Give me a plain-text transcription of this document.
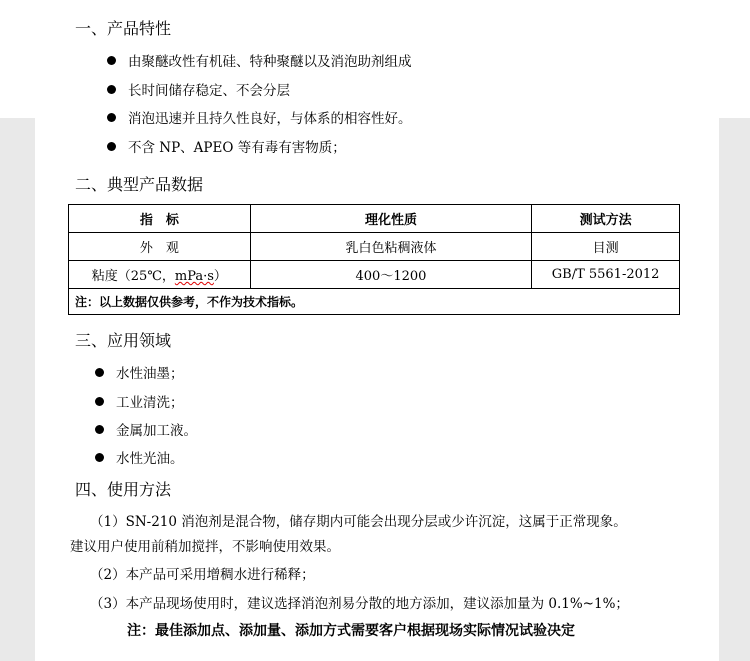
一、产品特性
由聚醚改性有机硅、特种聚醚以及消泡助剂组成
长时间储存稳定、不会分层
消泡迅速并且持久性良好，与体系的相容性好。
不含 NP、APEO 等有毒有害物质；
二、典型产品数据
指　标	理化性质	测试方法
外　观	乳白色粘稠液体	目测
粘度（25℃，mPa·s）	400～1200	GB/T 5561-2012
注：以上数据仅供参考，不作为技术指标。		
三、应用领域
水性油墨；
工业清洗；
金属加工液。
水性光油。
四、使用方法
（1）SN-210 消泡剂是混合物，储存期内可能会出现分层或少许沉淀，这属于正常现象。
建议用户使用前稍加搅拌，不影响使用效果。
（2）本产品可采用增稠水进行稀释；
（3）本产品现场使用时，建议选择消泡剂易分散的地方添加，建议添加量为 0.1%~1%；
注：最佳添加点、添加量、添加方式需要客户根据现场实际情况试验决定
